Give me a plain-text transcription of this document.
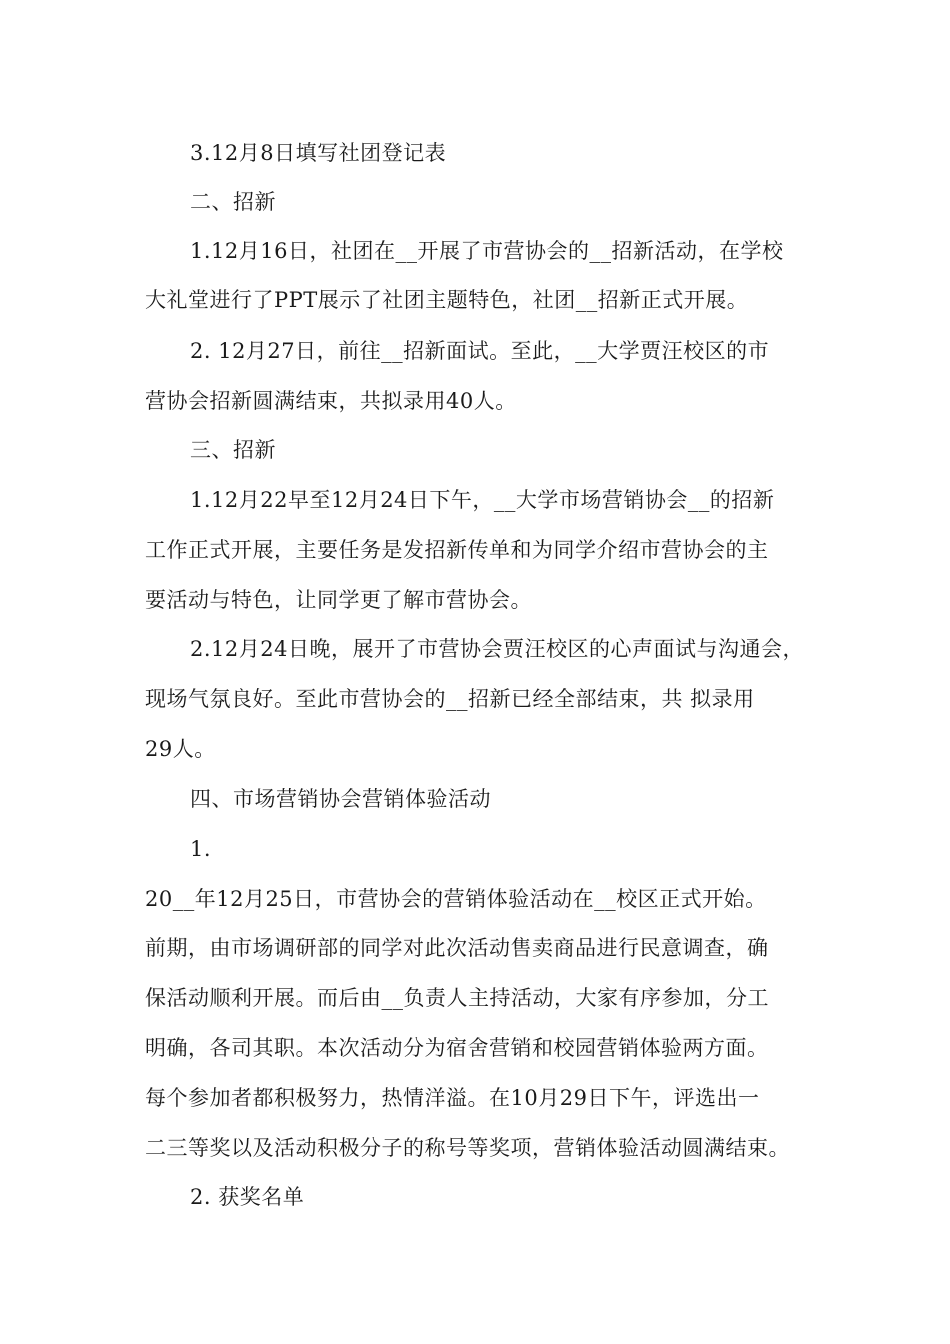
3.12月8日填写社团登记表
二、招新
1.12月16日，社团在__开展了市营协会的__招新活动，在学校
大礼堂进行了PPT展示了社团主题特色，社团__招新正式开展。
2. 12月27日，前往__招新面试。至此，__大学贾汪校区的市
营协会招新圆满结束，共拟录用40人。
三、招新
1.12月22早至12月24日下午，__大学市场营销协会__的招新
工作正式开展，主要任务是发招新传单和为同学介绍市营协会的主
要活动与特色，让同学更了解市营协会。
2.12月24日晚，展开了市营协会贾汪校区的心声面试与沟通会，
现场气氛良好。至此市营协会的__招新已经全部结束，共 拟录用
29人。
四、市场营销协会营销体验活动
1.
20__年12月25日，市营协会的营销体验活动在__校区正式开始。
前期，由市场调研部的同学对此次活动售卖商品进行民意调查，确
保活动顺利开展。而后由__负责人主持活动，大家有序参加，分工
明确，各司其职。本次活动分为宿舍营销和校园营销体验两方面。
每个参加者都积极努力，热情洋溢。在10月29日下午，评选出一
二三等奖以及活动积极分子的称号等奖项，营销体验活动圆满结束。
2. 获奖名单
